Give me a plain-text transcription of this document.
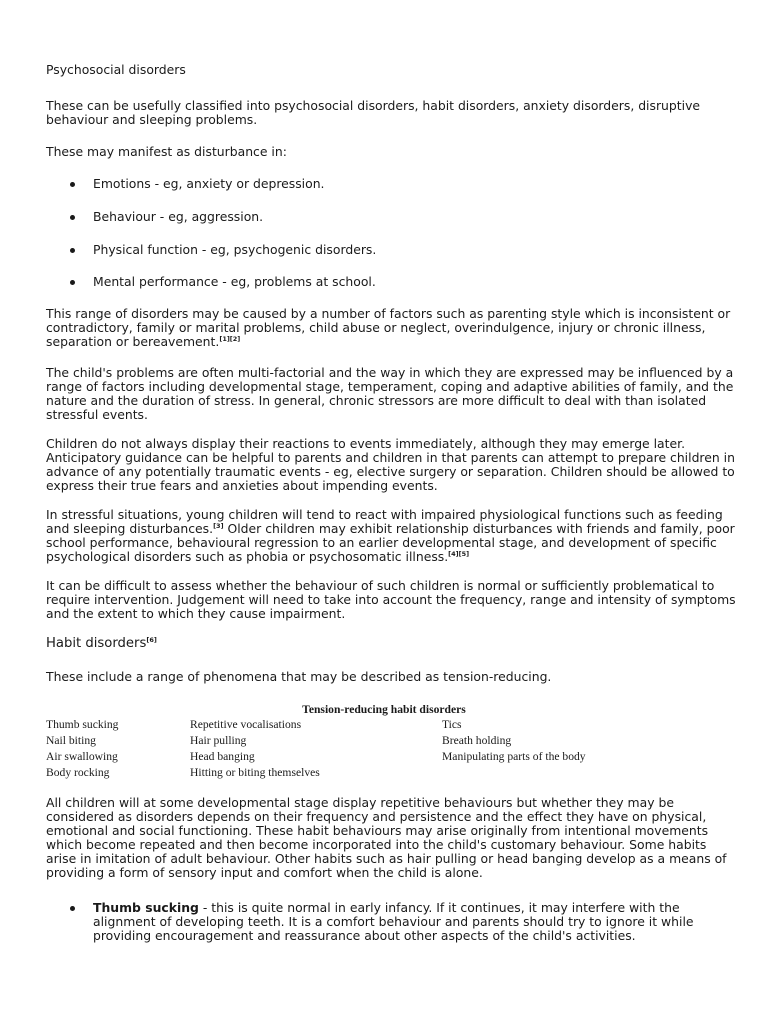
Psychosocial disorders

These can be usefully classified into psychosocial disorders, habit disorders, anxiety disorders, disruptive behaviour and sleeping problems.

These may manifest as disturbance in:

Emotions - eg, anxiety or depression.
Behaviour - eg, aggression.
Physical function - eg, psychogenic disorders.
Mental performance - eg, problems at school.

This range of disorders may be caused by a number of factors such as parenting style which is inconsistent or contradictory, family or marital problems, child abuse or neglect, overindulgence, injury or chronic illness, separation or bereavement.[1][2]

The child's problems are often multi-factorial and the way in which they are expressed may be influenced by a range of factors including developmental stage, temperament, coping and adaptive abilities of family, and the nature and the duration of stress. In general, chronic stressors are more difficult to deal with than isolated stressful events.

Children do not always display their reactions to events immediately, although they may emerge later. Anticipatory guidance can be helpful to parents and children in that parents can attempt to prepare children in advance of any potentially traumatic events - eg, elective surgery or separation. Children should be allowed to express their true fears and anxieties about impending events.

In stressful situations, young children will tend to react with impaired physiological functions such as feeding and sleeping disturbances.[3] Older children may exhibit relationship disturbances with friends and family, poor school performance, behavioural regression to an earlier developmental stage, and development of specific psychological disorders such as phobia or psychosomatic illness.[4][5]

It can be difficult to assess whether the behaviour of such children is normal or sufficiently problematical to require intervention. Judgement will need to take into account the frequency, range and intensity of symptoms and the extent to which they cause impairment.

Habit disorders[6]

These include a range of phenomena that may be described as tension-reducing.

Tension-reducing habit disorders
Thumb sucking
Nail biting
Air swallowing
Body rocking
Repetitive vocalisations
Hair pulling
Head banging
Hitting or biting themselves
Tics
Breath holding
Manipulating parts of the body

All children will at some developmental stage display repetitive behaviours but whether they may be considered as disorders depends on their frequency and persistence and the effect they have on physical, emotional and social functioning. These habit behaviours may arise originally from intentional movements which become repeated and then become incorporated into the child's customary behaviour. Some habits arise in imitation of adult behaviour. Other habits such as hair pulling or head banging develop as a means of providing a form of sensory input and comfort when the child is alone.

Thumb sucking - this is quite normal in early infancy. If it continues, it may interfere with the alignment of developing teeth. It is a comfort behaviour and parents should try to ignore it while providing encouragement and reassurance about other aspects of the child's activities.
